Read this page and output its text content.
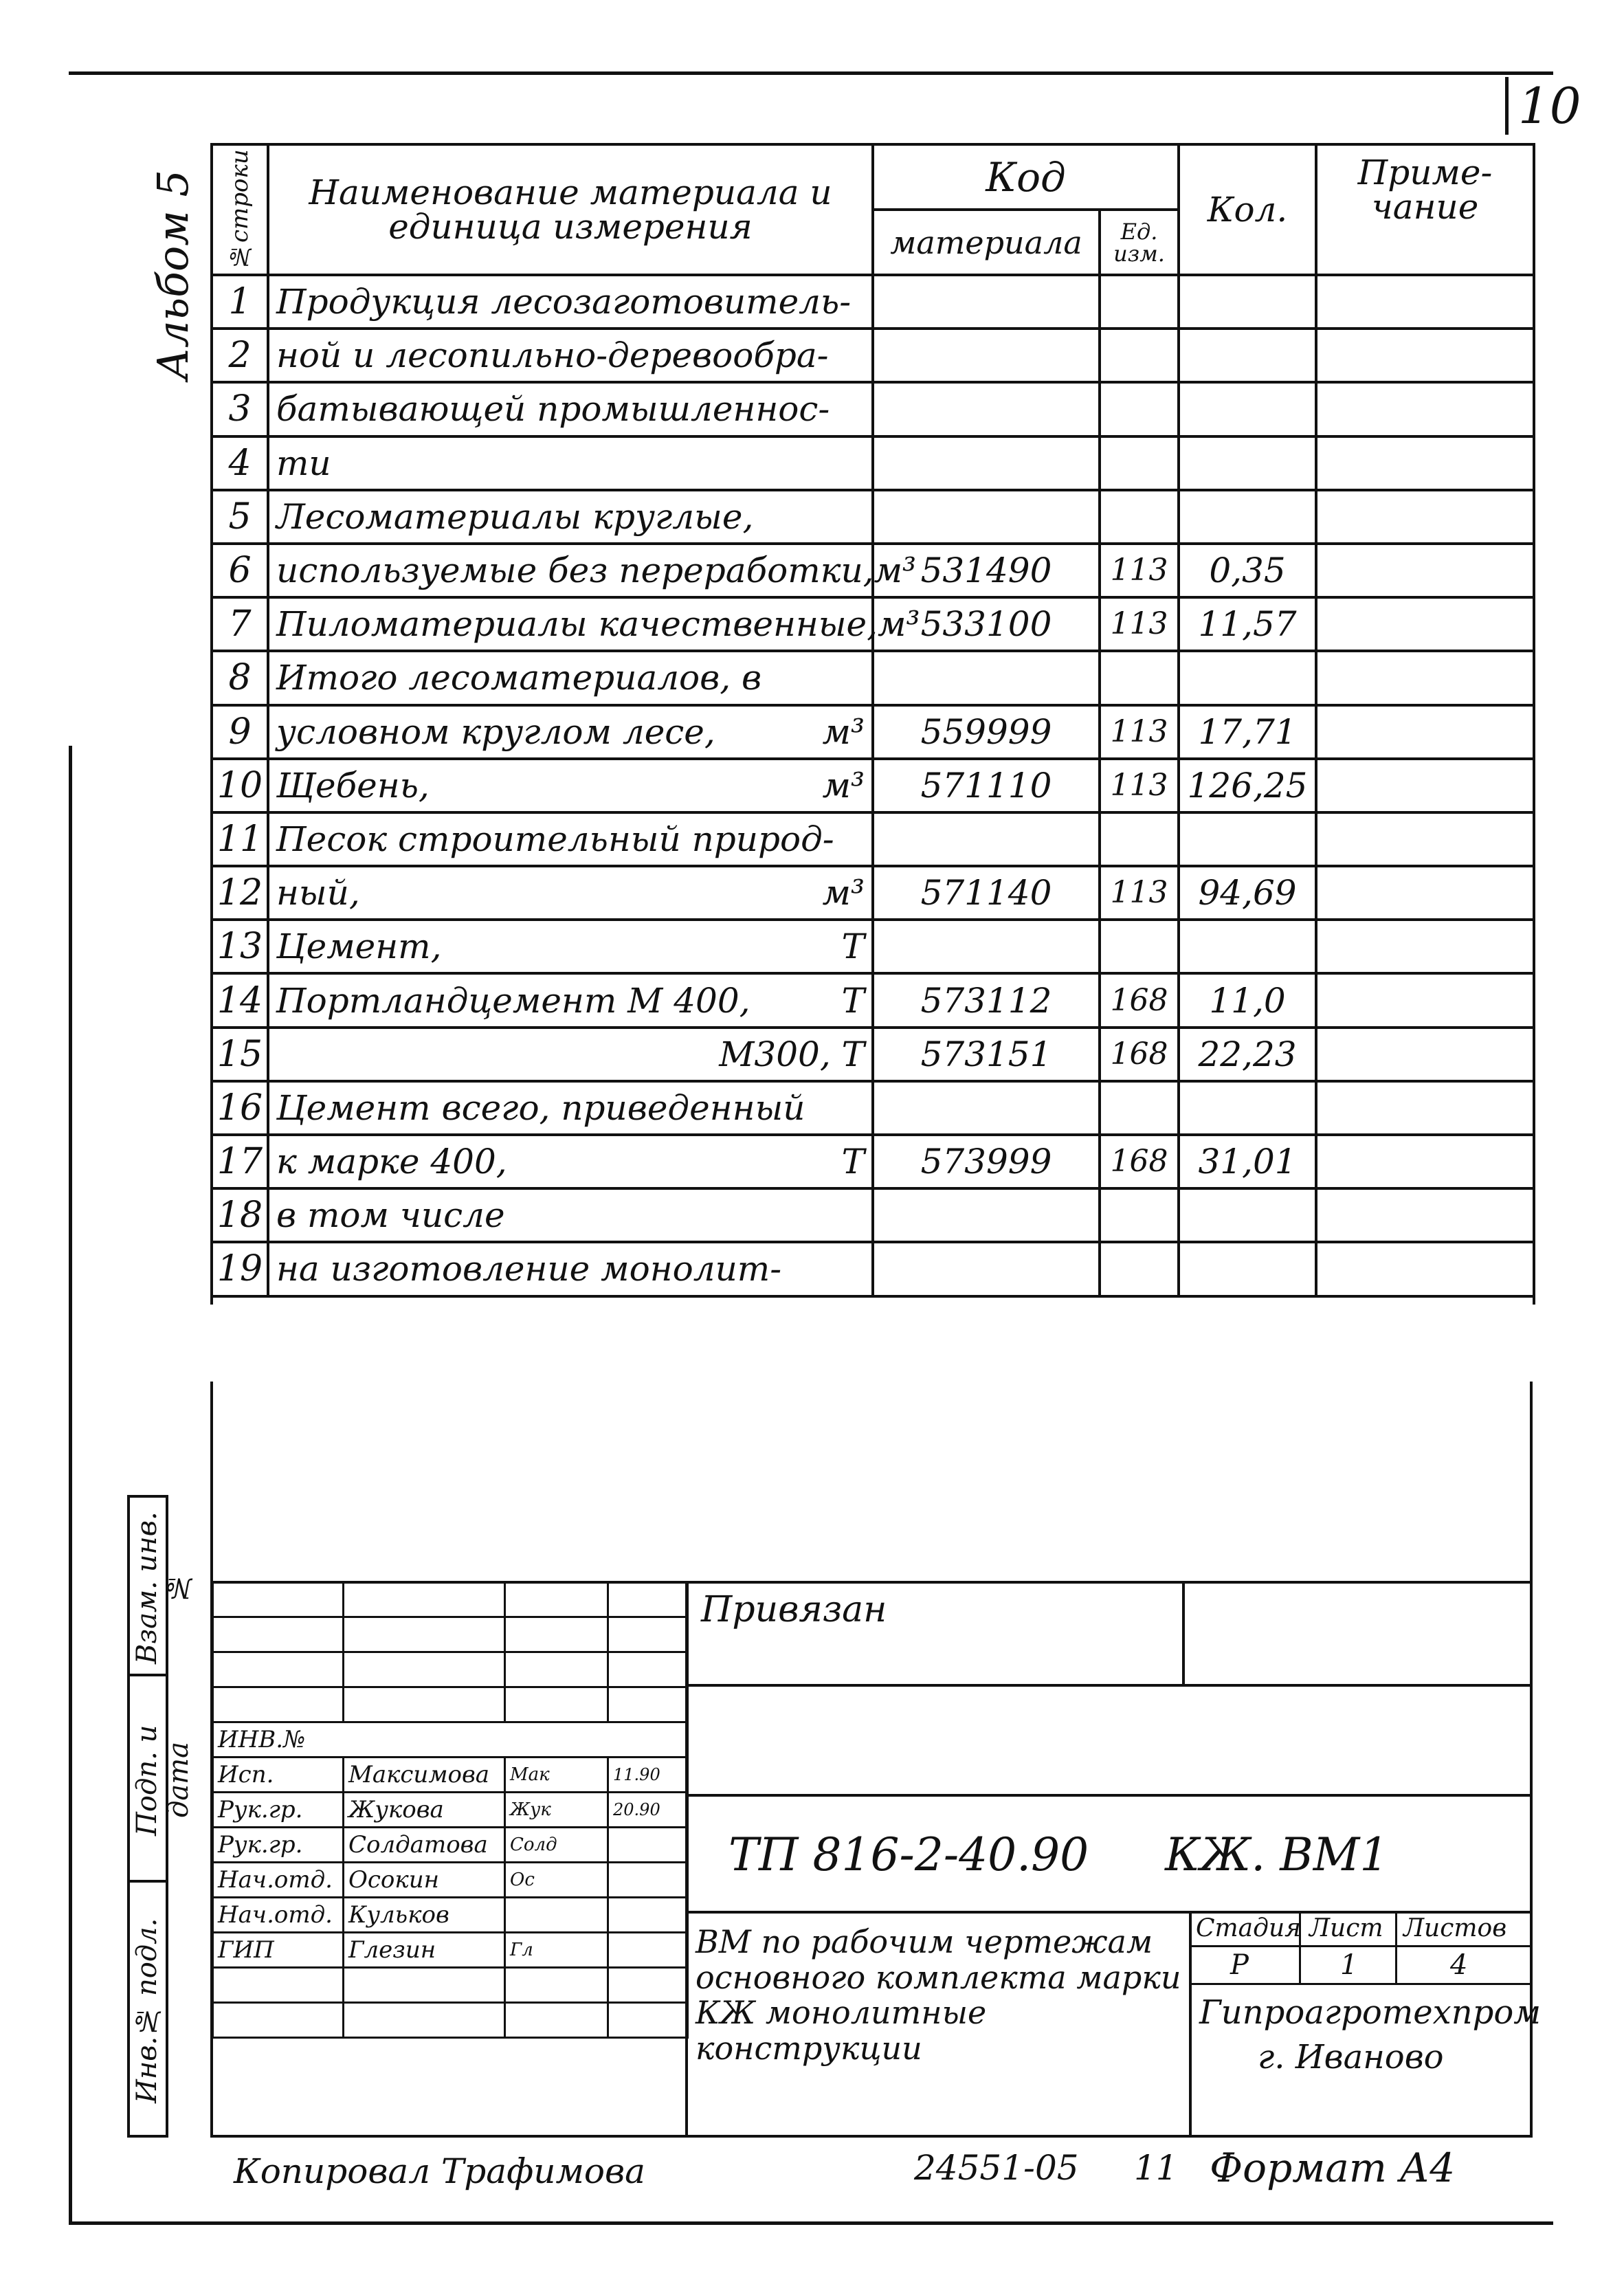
10
Альбом 5 №строки	Наименование материала и единица измерения	Код		Кол.	Приме- чание
		материала	Ед. изм.		
1	Продукция лесозаготовитель-				

2	ной и лесопильно-деревообра-				

3	батывающей промышленнос-				

4	ти				

5	Лесоматериалы круглые,				

6	используемые без переработки, м³	531490	113	0,35	
7	Пиломатериалы качественные, м³	533100	113	11,57	
8	Итого лесоматериалов, в				

9	условном круглом лесе, м³	559999	113	17,71	
10	Щебень, м³	571110	113	126,25	
11	Песок строительный природ-				

12	ный, м³	571140	113	94,69	
13	Цемент, Т				

14	Портландцемент М 400, Т	573112	168	11,0	
15	М300, Т	573151	168	22,23	
16	Цемент всего, приведенный				

17	к марке 400, Т	573999	168	31,01	
18	в том числе				

19	на изготовление монолит-				

Взам. инв.№
Подп. и дата
Инв.№ подл.
Привязан

ИНВ.№			
Исп.	Максимова	Мак	11.90
Рук.гр.	Жукова	Жук	20.90
Рук.гр.	Солдатова	Солд	
Нач.отд.	Осокин	Ос	
Нач.отд.	Кульков		
ГИП	Глезин	Гл	

ТП 816-2-40.90 КЖ. ВМ1
ВМ по рабочим чертежам основного комплекта марки КЖ монолитные конструкции
Стадия Лист Листов
Р	1	4
Гипроагротехпром
г. Иваново
Копировал Трафимова	24551-05 11 Формат А4
